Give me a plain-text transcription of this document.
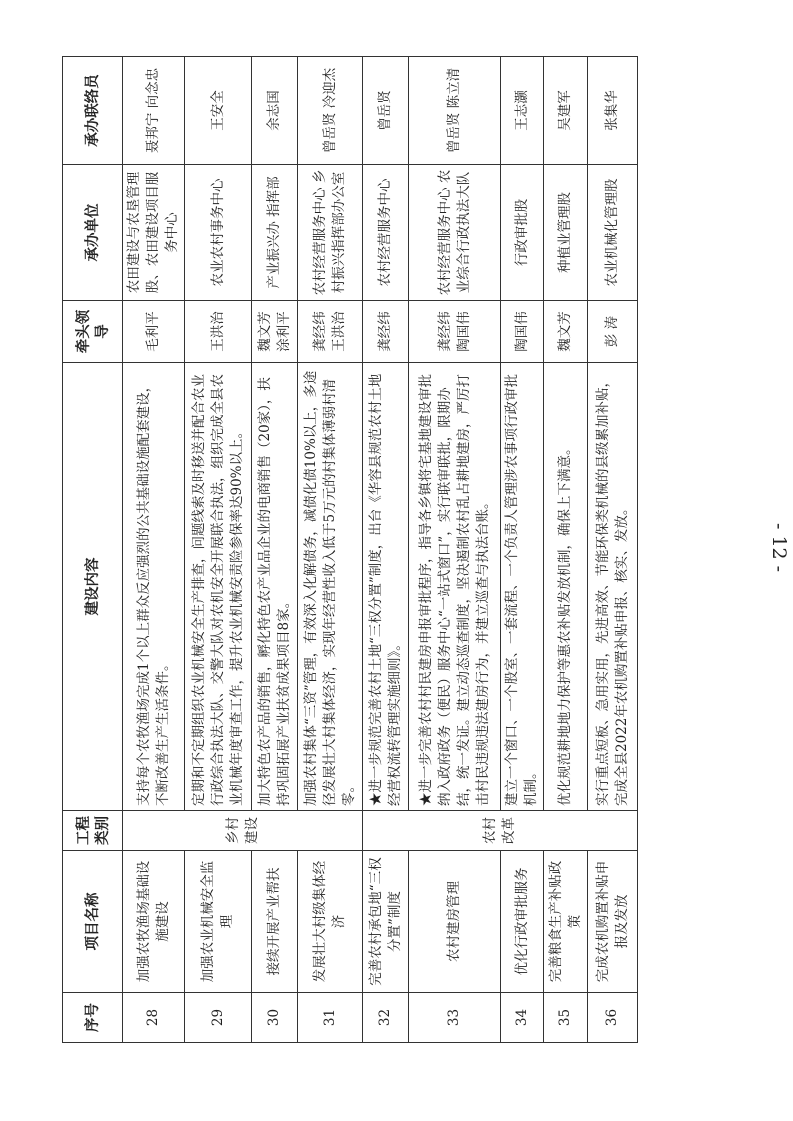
序号	项目名称	工程类别	建设内容	牵头领导	承办单位	承办联络员
28	加强农牧渔场基础设施建设	乡村建设	支持每个农牧渔场完成1个以上群众反应强烈的公共基础设施配套建设，不断改善生产生活条件。	毛利平	农田建设与农垦管理股、农田建设项目服务中心	聂邦宁 向念忠
29	加强农业机械安全监理		定期和不定期组织农业机械安全生产排查，问题线索及时移送并配合农业行政综合执法大队、交警大队对农机安全开展联合执法，组织完成全县农业机械年度审查工作，提升农业机械安责险参保率达90%以上。	王洪治	农业农村事务中心	王安全
30	接续开展产业帮扶		加大特色农产品的销售，孵化特色农产业品企业的电商销售（20家），扶持巩固拓展产业扶贫成果项目8家。	魏文芳 涂利平	产业振兴办 指挥部	余志国
31	发展壮大村级集体经济		加强农村集体“三资”管理，有效深入化解债务，减债化债10%以上，多途径发展壮大村集体经济，实现年经营性收入低于5万元的村集体薄弱村清零。	龚经纬 王洪治	农村经营服务中心 乡村振兴指挥部办公室	曾岳贤 冷迎杰
32	完善农村承包地“三权分置”制度	农村改革	★进一步规范完善农村土地“三权分置”制度，出台《华容县规范农村土地经营权流转管理实施细则》。	龚经纬	农村经营服务中心	曾岳贤
33	农村建房管理		★进一步完善农村村民建房申报审批程序，指导各乡镇将宅基地建设审批纳入政府政务（便民）服务中心“一站式窗口”，实行联审联批，限期办结，统一发证。建立动态巡查制度，坚决遏制农村乱占耕地建房，严厉打击村民违规违法建房行为，并建立巡查与执法台账。	龚经纬 陶国伟	农村经营服务中心 农业综合行政执法大队	曾岳贤 陈立清
34	优化行政审批服务		建立一个窗口、一个股室、一套流程、一个负责人管理涉农事项行政审批机制。	陶国伟	行政审批股	王志灏
35	完善粮食生产补贴政策		优化规范耕地地力保护等惠农补贴发放机制，确保上下满意。	魏文芳	种植业管理股	吴建军
36	完成农机购置补贴申报及发放		实行重点短板、急用实用，先进高效、节能环保类机械的县级累加补贴，完成全县2022年农机购置补贴申报、核实、发放。	彭 涛	农业机械化管理股	张集华
- 12 -
